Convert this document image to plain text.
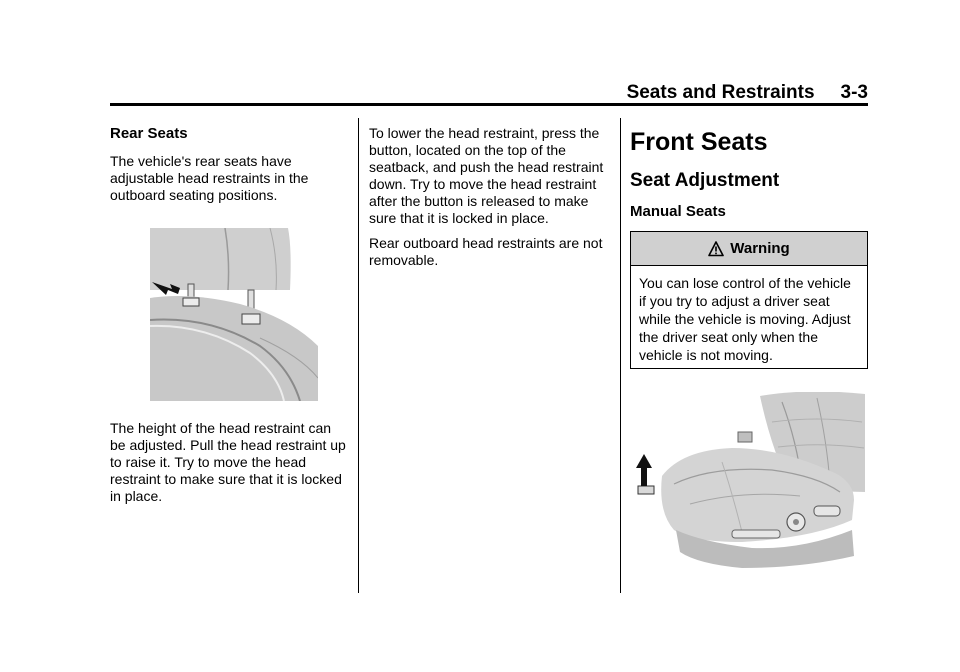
Seats and Restraints 3-3
Rear Seats

The vehicle's rear seats have adjustable head restraints in the outboard seating positions.

The height of the head restraint can be adjusted. Pull the head restraint up to raise it. Try to move the head restraint to make sure that it is locked in place.

To lower the head restraint, press the button, located on the top of the seatback, and push the head restraint down. Try to move the head restraint after the button is released to make sure that it is locked in place.

Rear outboard head restraints are not removable.

Front Seats
Seat Adjustment
Manual Seats
Warning
You can lose control of the vehicle if you try to adjust a driver seat while the vehicle is moving. Adjust the driver seat only when the vehicle is not moving.
